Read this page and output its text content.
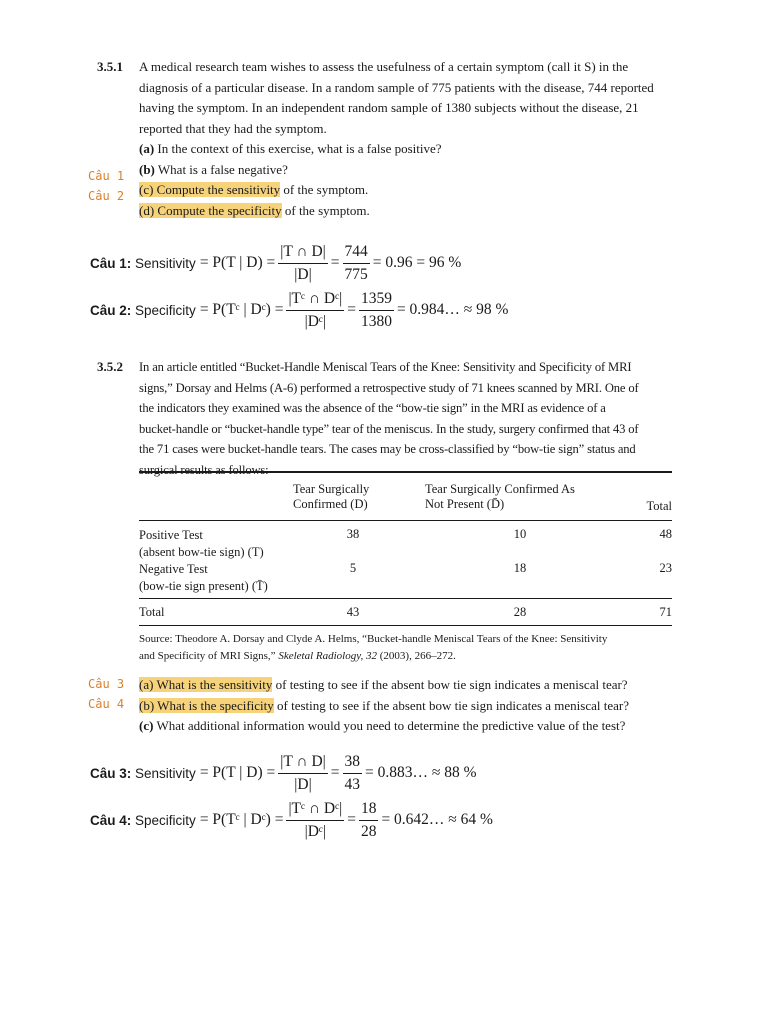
3.5.1 A medical research team wishes to assess the usefulness of a certain symptom (call it S) in the
diagnosis of a particular disease. In a random sample of 775 patients with the disease, 744 reported
having the symptom. In an independent random sample of 1380 subjects without the disease, 21
reported that they had the symptom.
(a) In the context of this exercise, what is a false positive?
(b) What is a false negative?
(c) Compute the sensitivity of the symptom.
(d) Compute the specificity of the symptom.
Câu 1
Câu 2
Câu 1: Sensitivity = P(T | $D) = \frac{|T \cap D|}{|D|} = \frac{744}{775} = 0.96 = 96$ %
Câu 2: Specificity = P(Tᶜ | Dᶜ) = $\frac{\text{|Tᶜ ∩ Dᶜ|}}{\text{|Dᶜ|}} = \frac{1359}{1380}$ = 0.984… ≈ 98 %
3.5.2 In an article entitled “Bucket-Handle Meniscal Tears of the Knee: Sensitivity and Specificity of MRI
signs,” Dorsay and Helms (A-6) performed a retrospective study of 71 knees scanned by MRI. One of
the indicators they examined was the absence of the “bow-tie sign” in the MRI as evidence of a
bucket-handle or “bucket-handle type” tear of the meniscus. In the study, surgery confirmed that 43 of
the 71 cases were bucket-handle tears. The cases may be cross-classified by “bow-tie sign” status and
surgical results as follows:
Tear Surgically
Confirmed (D)
Tear Surgically Confirmed As
Not Present (D̄)	Total
Positive Test
(absent bow-tie sign) (T)
38	10	48
Negative Test
(bow-tie sign present) (T̄)
5	18	23
Total	43	28	71
Source: Theodore A. Dorsay and Clyde A. Helms, “Bucket-handle Meniscal Tears of the Knee: Sensitivity
and Specificity of MRI Signs,” Skeletal Radiology, 32 (2003), 266–272.
(a) What is the sensitivity of testing to see if the absent bow tie sign indicates a meniscal tear?
(b) What is the specificity of testing to see if the absent bow tie sign indicates a meniscal tear?
(c) What additional information would you need to determine the predictive value of the test?
Câu 3
Câu 4
Câu 3: Sensitivity = P(T | $D) = \frac{|T \cap D|}{|D|} = \frac{38}{43}$ = 0.883… ≈ 88 %
Câu 4: Specificity = P(Tᶜ | Dᶜ) = $\frac{\text{|Tᶜ ∩ Dᶜ|}}{\text{|Dᶜ|}} = \frac{18}{28}$ = 0.642… ≈ 64 %
